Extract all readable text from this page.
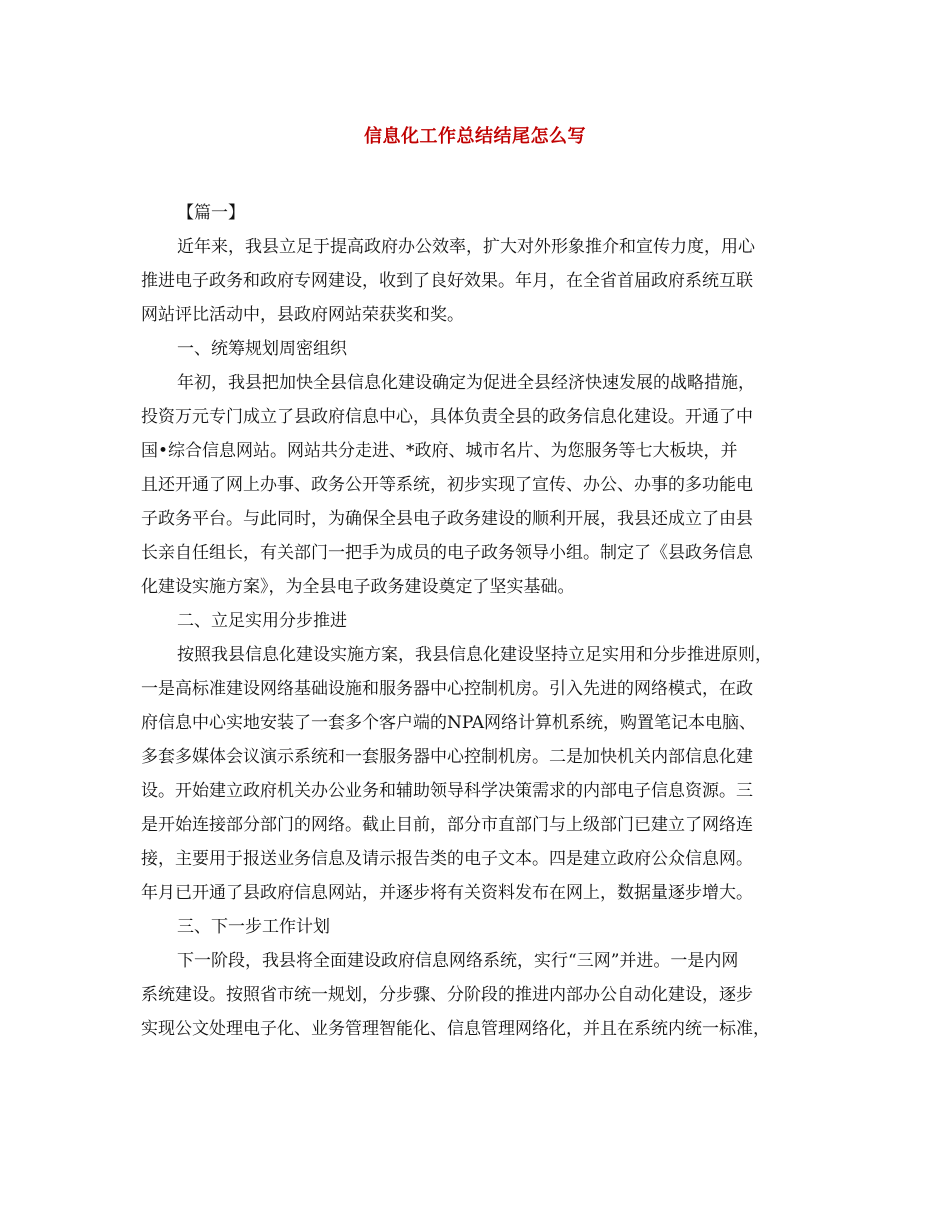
信息化工作总结结尾怎么写
【篇一】
近年来，我县立足于提高政府办公效率，扩大对外形象推介和宣传力度，用心
推进电子政务和政府专网建设，收到了良好效果。年月，在全省首届政府系统互联
网站评比活动中，县政府网站荣获奖和奖。
一、统筹规划周密组织
年初，我县把加快全县信息化建设确定为促进全县经济快速发展的战略措施，
投资万元专门成立了县政府信息中心，具体负责全县的政务信息化建设。开通了中
国•综合信息网站。网站共分走进、*政府、城市名片、为您服务等七大板块，并
且还开通了网上办事、政务公开等系统，初步实现了宣传、办公、办事的多功能电
子政务平台。与此同时，为确保全县电子政务建设的顺利开展，我县还成立了由县
长亲自任组长，有关部门一把手为成员的电子政务领导小组。制定了《县政务信息
化建设实施方案》，为全县电子政务建设奠定了坚实基础。
二、立足实用分步推进
按照我县信息化建设实施方案，我县信息化建设坚持立足实用和分步推进原则，
一是高标准建设网络基础设施和服务器中心控制机房。引入先进的网络模式，在政
府信息中心实地安装了一套多个客户端的NPA网络计算机系统，购置笔记本电脑、
多套多媒体会议演示系统和一套服务器中心控制机房。二是加快机关内部信息化建
设。开始建立政府机关办公业务和辅助领导科学决策需求的内部电子信息资源。三
是开始连接部分部门的网络。截止目前，部分市直部门与上级部门已建立了网络连
接，主要用于报送业务信息及请示报告类的电子文本。四是建立政府公众信息网。
年月已开通了县政府信息网站，并逐步将有关资料发布在网上，数据量逐步增大。
三、下一步工作计划
下一阶段，我县将全面建设政府信息网络系统，实行“三网”并进。一是内网
系统建设。按照省市统一规划，分步骤、分阶段的推进内部办公自动化建设，逐步
实现公文处理电子化、业务管理智能化、信息管理网络化，并且在系统内统一标准，
